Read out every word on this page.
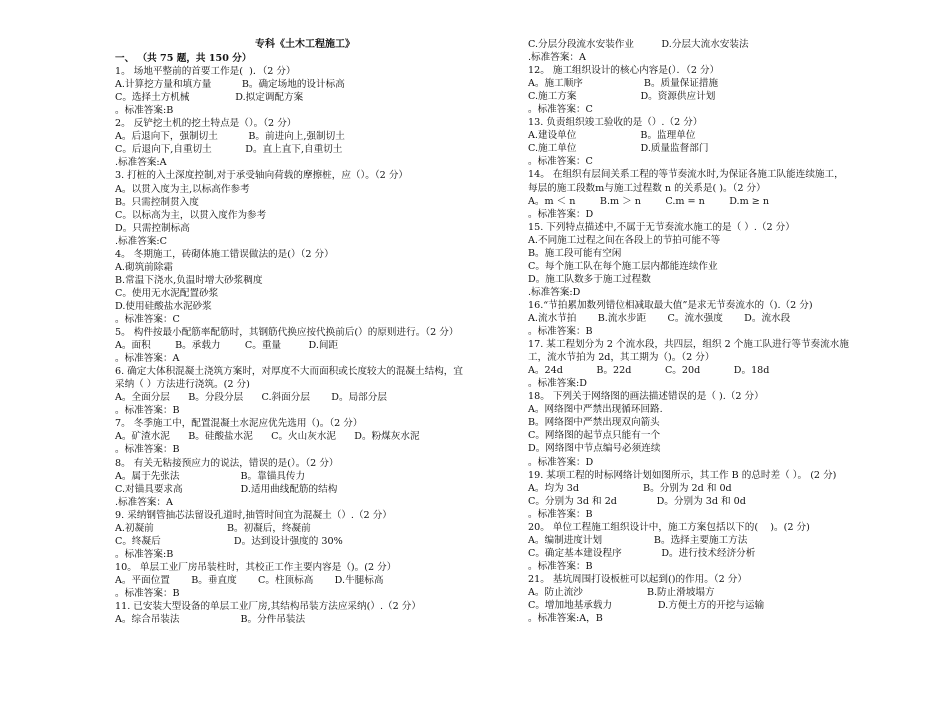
专科《土木工程施工》
一、 （共 75 题，共 150 分）
1。 场地平整前的首要工作是(  )．（2 分）
A.计算挖方量和填方量          B。确定场地的设计标高
C。选择土方机械               D.拟定调配方案
。标准答案:B
2。 反铲挖土机的挖土特点是（）。（2 分）
A。后退向下，强制切土          B。前进向上,强制切土
C。后退向下,自重切土           D。直上直下,自重切土
.标准答案:A
3. 打桩的入土深度控制,对于承受轴向荷载的摩擦桩，应（）。（2 分）
A。以贯入度为主,以标高作参考
B。只需控制贯入度
C。以标高为主，以贯入度作为参考
D。只需控制标高
.标准答案:C
4。 冬期施工，砖砌体施工错误做法的是(）（2 分）
A.砌筑前除霜
B.常温下浇水,负温时增大砂浆稠度
C。使用无水泥配置砂浆
D.使用硅酸盐水泥砂浆
。标准答案：C
5。 构件按最小配筋率配筋时，其钢筋代换应按代换前后(）的原则进行。（2 分）
A。面积        B。承载力        C。重量         D.间距
。标准答案：A
6. 确定大体积混凝土浇筑方案时，对厚度不大而面积或长度较大的混凝土结构，宜
采纳（ ）方法进行浇筑。(2 分)
A。全面分层      B。分段分层      C.斜面分层       D。局部分层
。标准答案：B
7。 冬季施工中，配置混凝土水泥应优先选用（)。（2 分）
A。矿渣水泥      B。硅酸盐水泥      C。火山灰水泥      D。粉煤灰水泥
。标准答案：B
8。 有关无粘接预应力的说法，错误的是(）。（2 分）
A。属于先张法                    B。靠锚具传力
C.对锚具要求高                   D.适用曲线配筋的结构
.标准答案：A
9. 采纳钢管抽芯法留设孔道时,抽管时间宜为混凝土（）.（2 分）
A.初凝前                        B。初凝后，终凝前
C。终凝后                        D。达到设计强度的 30%
。标准答案:B
10。 单层工业厂房吊装柱时，其校正工作主要内容是（)。(2 分）
A。平面位置       B。垂直度       C。柱顶标高       D.牛腿标高
。标准答案：B
11. 已安装大型设备的单层工业厂房,其结构吊装方法应采纳(）.（2 分）
A。综合吊装法                    B。分件吊装法
C.分层分段流水安装作业         D.分层大流水安装法
.标准答案：A
12。 施工组织设计的核心内容是(）．（2 分）
A。施工顺序                    B。质量保证措施
C.施工方案                     D。资源供应计划
。标准答案：C
13. 负责组织竣工验收的是（）.（2 分）
A.建设单位                     B。监理单位
C.施工单位                     D.质量监督部门
。标准答案：C
14。 在组织有层间关系工程的等节奏流水时,为保证各施工队能连续施工，
每层的施工段数m与施工过程数 n 的关系是( )。（2 分）
A。m ＜ n        B.m ＞ n        C.m = n        D.m ≥ n
。标准答案：D
15. 下列特点描述中,不属于无节奏流水施工的是（ ）.（2 分）
A.不同施工过程之间在各段上的节拍可能不等
B。施工段可能有空闲
C。每个施工队在每个施工层内都能连续作业
D。施工队数多于施工过程数
.标准答案:D
16.“节拍累加数列错位相减取最大值”是求无节奏流水的（).（2 分)
A.流水节拍       B.流水步距       C。流水强度       D。流水段
。标准答案：B
17. 某工程划分为 2 个流水段，共四层，组织 2 个施工队进行等节奏流水施
工，流水节拍为 2d，其工期为（)。（2 分）
A。24d           B。22d           C。20d           D。18d
。标准答案:D
18。 下列关于网络图的画法描述错误的是（ ).（2 分）
A。网络图中严禁出现循环回路.
B。网络图中严禁出现双向箭头
C。网络图的起节点只能有一个
D。网络图中节点编号必须连续
。标准答案：D
19. 某项工程的时标网络计划如图所示，其工作 B 的总时差（ ）。 (2 分)
A。均为 3d                     B。分别为 2d 和 0d
C。分别为 3d 和 2d             D。分别为 3d 和 0d
。标准答案：B
20。 单位工程施工组织设计中，施工方案包括以下的(    )。(2 分)
A。编制进度计划                 B。选择主要施工方法
C。确定基本建设程序             D。进行技术经济分析
。标准答案：B
21。 基坑周围打设板桩可以起到()的作用。（2 分）
A。防止流沙                     B.防止滑坡塌方
C。增加地基承载力               D.方便土方的开挖与运输
。标准答案:A，B
